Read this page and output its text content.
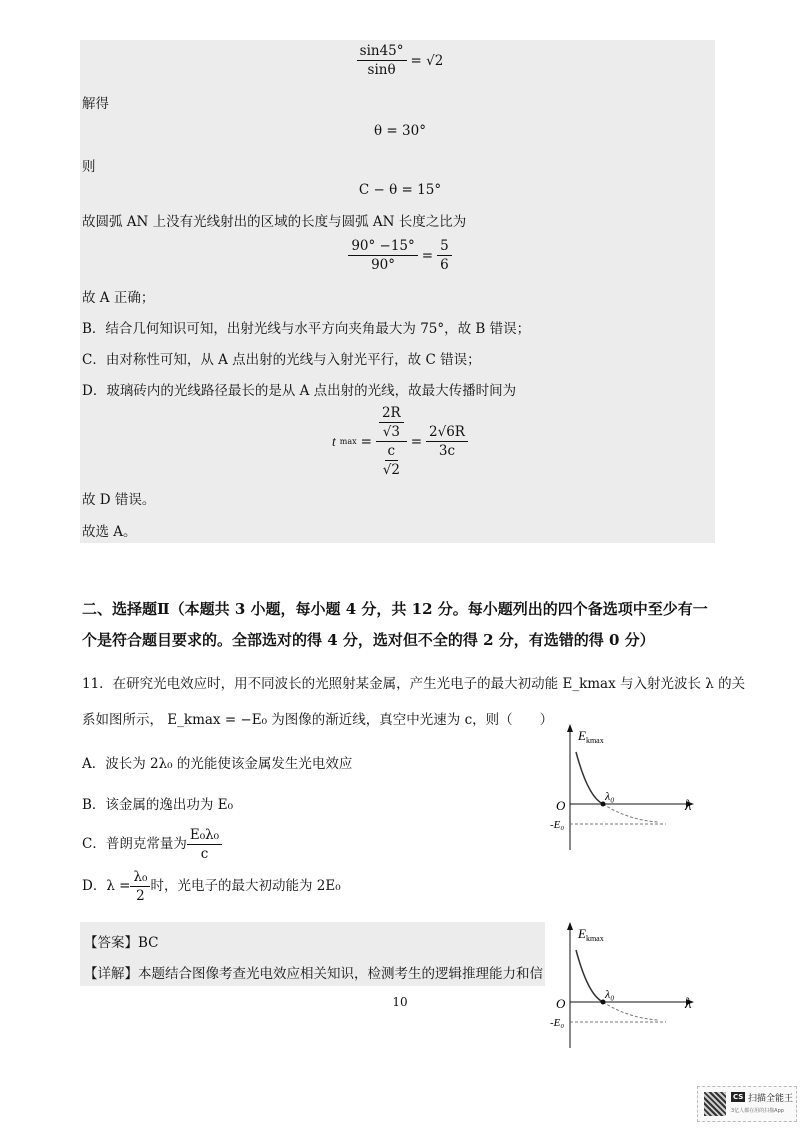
$\frac{\sin 45^\circ}{\sin\theta} = √2$
解得
θ = 30°
则
C − θ = 15°
故圆弧 AN 上没有光线射出的区域的长度与圆弧 AN 长度之比为
$\frac{90^\circ -15^\circ}{90^\circ} = \frac{5}{6}$
故 A 正确；
B．结合几何知识可知，出射光线与水平方向夹角最大为 75°，故 B 错误；
C．由对称性可知，从 A 点出射的光线与入射光平行，故 C 错误；
D．玻璃砖内的光线路径最长的是从 A 点出射的光线，故最大传播时间为
t $\max = \frac{\frac{2R}{√3}}{\frac{c}{√2}} = \frac{2√6R}{3c}$
故 D 错误。
故选 A。
二、选择题Ⅱ（本题共 3 小题，每小题 4 分，共 12 分。每小题列出的四个备选项中至少有一
个是符合题目要求的。全部选对的得 4 分，选对但不全的得 2 分，有选错的得 0 分）
11．在研究光电效应时，用不同波长的光照射某金属，产生光电子的最大初动能 E_kmax 与入射光波长 λ 的关
系如图所示， E_kmax = −E₀ 为图像的渐近线，真空中光速为 c，则（　　）
A．波长为 2λ₀ 的光能使该金属发生光电效应
B．该金属的逸出功为 E₀
C．普朗克常量为 $\frac{\text{E₀λ₀}}{c}$
D．$\lambda = \frac{\text{λ₀}}{2}$ 时，光电子的最大初动能为 2E₀
【答案】BC
【详解】本题结合图像考查光电效应相关知识，检测考生的逻辑推理能力和信
10
$E_{kmax}$
O
λ₀
λ
-E₀
$E_{kmax}$
O
λ₀
λ
-E₀
CS 扫描全能王
3亿人都在用的扫描App
